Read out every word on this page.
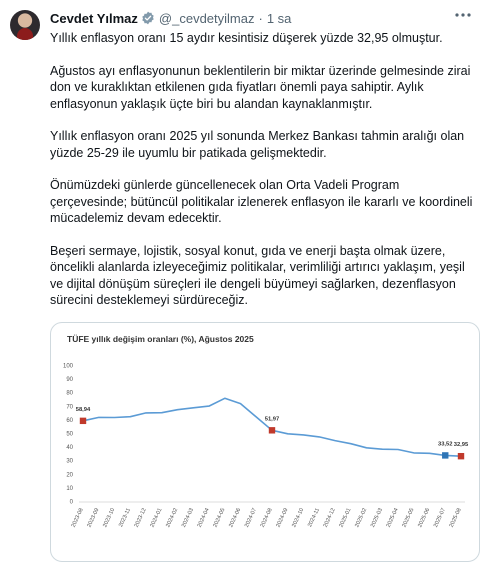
Cevdet Yılmaz @_cevdetyilmaz · 1 sa

Yıllık enflasyon oranı 15 aydır kesintisiz düşerek yüzde 32,95 olmuştur.

Ağustos ayı enflasyonunun beklentilerin bir miktar üzerinde gelmesinde zirai don ve kuraklıktan etkilenen gıda fiyatları önemli paya sahiptir. Aylık enflasyonun yaklaşık üçte biri bu alandan kaynaklanmıştır.

Yıllık enflasyon oranı 2025 yıl sonunda Merkez Bankası tahmin aralığı olan yüzde 25-29 ile uyumlu bir patikada gelişmektedir.

Önümüzdeki günlerde güncellenecek olan Orta Vadeli Program çerçevesinde; bütüncül politikalar izlenerek enflasyon ile kararlı ve koordineli mücadelemiz devam edecektir.

Beşeri sermaye, lojistik, sosyal konut, gıda ve enerji başta olmak üzere, öncelikli alanlarda izleyeceğimiz politikalar, verimliliği artırıcı yaklaşım, yeşil ve dijital dönüşüm süreçleri ile dengeli büyümeyi sağlarken, dezenflasyon sürecini desteklemeyi sürdüreceğiz.

TÜFE yıllık değişim oranları (%), Ağustos 2025
0
10
20
30
40
50
60
70
80
90
100
2023-08 2023-09 2023-10 2023-11 2023-12 2024-01 2024-02 2024-03 2024-04 2024-05 2024-06 2024-07 2024-08 2024-09 2024-10 2024-11 2024-12 2025-01 2025-02 2025-03 2025-04 2025-05 2025-06 2025-07 2025-08
58,94
51,97
33,52 32,95
